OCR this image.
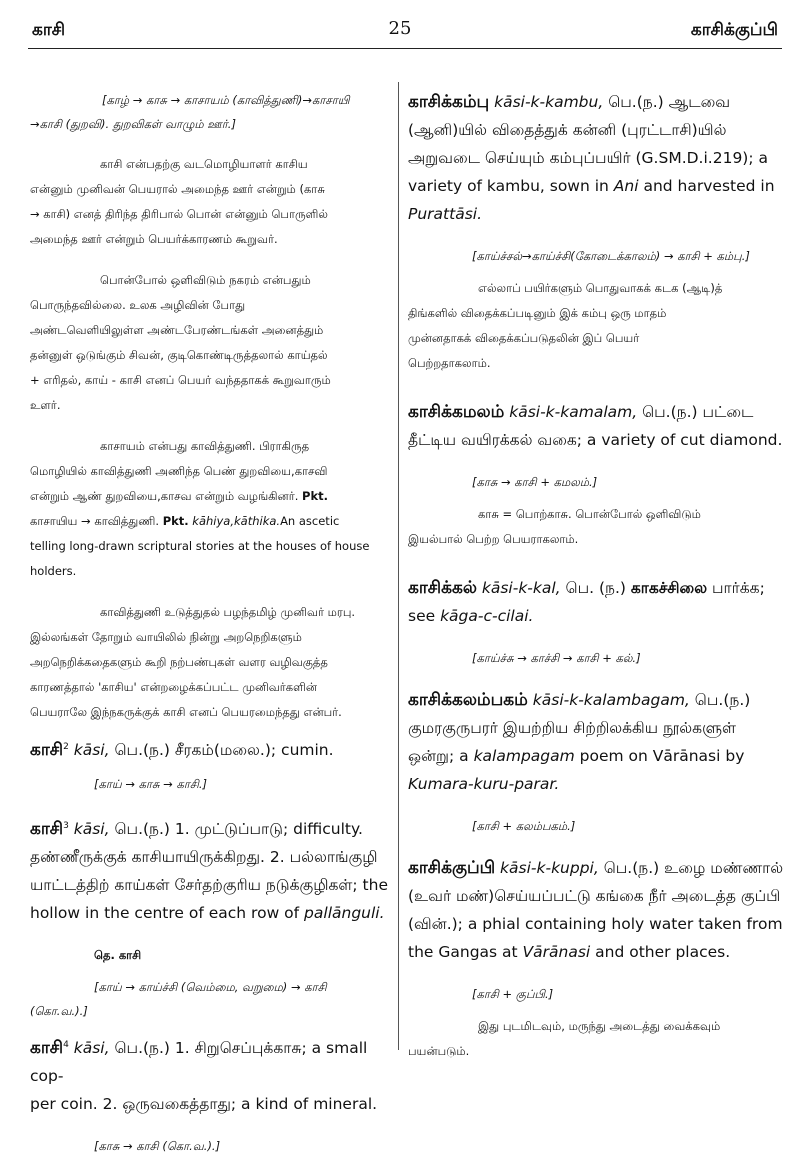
காசி	25	காசிக்குப்பி

[காழ் → காசு → காசாயம் (காவித்துணி)→காசாயி

→காசி (துறவி). துறவிகள் வாழும் ஊர்.]

காசி என்பதற்கு வடமொழியாளர் காசிய
என்னும் முனிவன் பெயரால் அமைந்த ஊர் என்றும் (காசு
→ காசி) எனத் திரிந்த திரிபால் பொன் என்னும் பொருளில்
அமைந்த ஊர் என்றும் பெயர்க்காரணம் கூறுவர்.
பொன்போல் ஒளிவிடும் நகரம் என்பதும்
பொருந்தவில்லை. உலக அழிவின் போது
அண்டவெளியிலுள்ள அண்டபேரண்டங்கள் அனைத்தும்
தன்னுள் ஒடுங்கும் சிவன், குடிகொண்டிருத்தலால் காய்தல்
+ எரிதல், காய் - காசி எனப் பெயர் வந்ததாகக் கூறுவாரும்
உளர்.
காசாயம் என்பது காவித்துணி. பிராகிருத
மொழியில் காவித்துணி அணிந்த பெண் துறவியை,காசவி
என்றும் ஆண் துறவியை,காசவ என்றும் வழங்கினர். Pkt.
காசாயிய → காவித்துணி. Pkt. kāhiya,kāthika.An ascetic
telling long-drawn scriptural stories at the houses of house
holders.
காவித்துணி உடுத்துதல் பழந்தமிழ் முனிவர் மரபு.
இல்லங்கள் தோறும் வாயிலில் நின்று அறநெறிகளும்
அறநெறிக்கதைகளும் கூறி நற்பண்புகள் வளர வழிவகுத்த
காரணத்தால் 'காசிய' என்றழைக்கப்பட்ட முனிவர்களின்
பெயராலே இந்நகருக்குக் காசி எனப் பெயரமைந்தது என்பர்.

காசி$^2$ kāsi, பெ.(ந.) சீரகம்(மலை.); cumin.

[காய் → காசு → காசி.]

காசி$^3$ kāsi, பெ.(ந.) 1. முட்டுப்பாடு; difficulty.
தண்ணீருக்குக் காசியாயிருக்கிறது. 2. பல்லாங்குழி
யாட்டத்திற் காய்கள் சேர்தற்குரிய நடுக்குழிகள்; the
hollow in the centre of each row of pallānguli.

தெ. காசி

[காய் → காய்ச்சி (வெம்மை, வறுமை) → காசி

(கொ.வ.).]

காசி$^4$ kāsi, பெ.(ந.) 1. சிறுசெப்புக்காசு; a small cop-
per coin. 2. ஒருவகைத்தாது; a kind of mineral.

[காசு → காசி (கொ.வ.).]

காசிக்கம்பு kāsi-k-kambu, பெ.(ந.) ஆடவை
(ஆனி)யில் விதைத்துக் கன்னி (புரட்டாசி)யில்
அறுவடை செய்யும் கம்புப்பயிர் (G.SM.D.i.219); a
variety of kambu, sown in Ani and harvested in
Purattāsi.

[காய்ச்சல்→காய்ச்சி(கோடைக்காலம்) → காசி + கம்பு.]

எல்லாப் பயிர்களும் பொதுவாகக் கடக (ஆடி)த்
திங்களில் விதைக்கப்படினும் இக் கம்பு ஒரு மாதம்
முன்னதாகக் விதைக்கப்படுதலின் இப் பெயர்
பெற்றதாகலாம்.
காசிக்கமலம் kāsi-k-kamalam, பெ.(ந.) பட்டை
தீட்டிய வயிரக்கல் வகை; a variety of cut diamond.

[காசு → காசி + கமலம்.]

காசு = பொற்காசு. பொன்போல் ஒளிவிடும்
இயல்பால் பெற்ற பெயராகலாம்.
காசிக்கல் kāsi-k-kal, பெ. (ந.) காகச்சிலை பார்க்க;
see kāga-c-cilai.

[காய்ச்சு → காச்சி → காசி + கல்.]

காசிக்கலம்பகம் kāsi-k-kalambagam, பெ.(ந.)
குமரகுருபரர் இயற்றிய சிற்றிலக்கிய நூல்களுள்
ஒன்று; a kalampagam poem on Vārānasi by
Kumara-kuru-parar.

[காசி + கலம்பகம்.]

காசிக்குப்பி kāsi-k-kuppi, பெ.(ந.) உழை மண்ணால்
(உவர் மண்)செய்யப்பட்டு கங்கை நீர் அடைத்த குப்பி
(வின்.); a phial containing holy water taken from
the Gangas at Vārānasi and other places.

[காசி + குப்பி.]

இது புடமிடவும், மருந்து அடைத்து வைக்கவும்
பயன்படும்.
